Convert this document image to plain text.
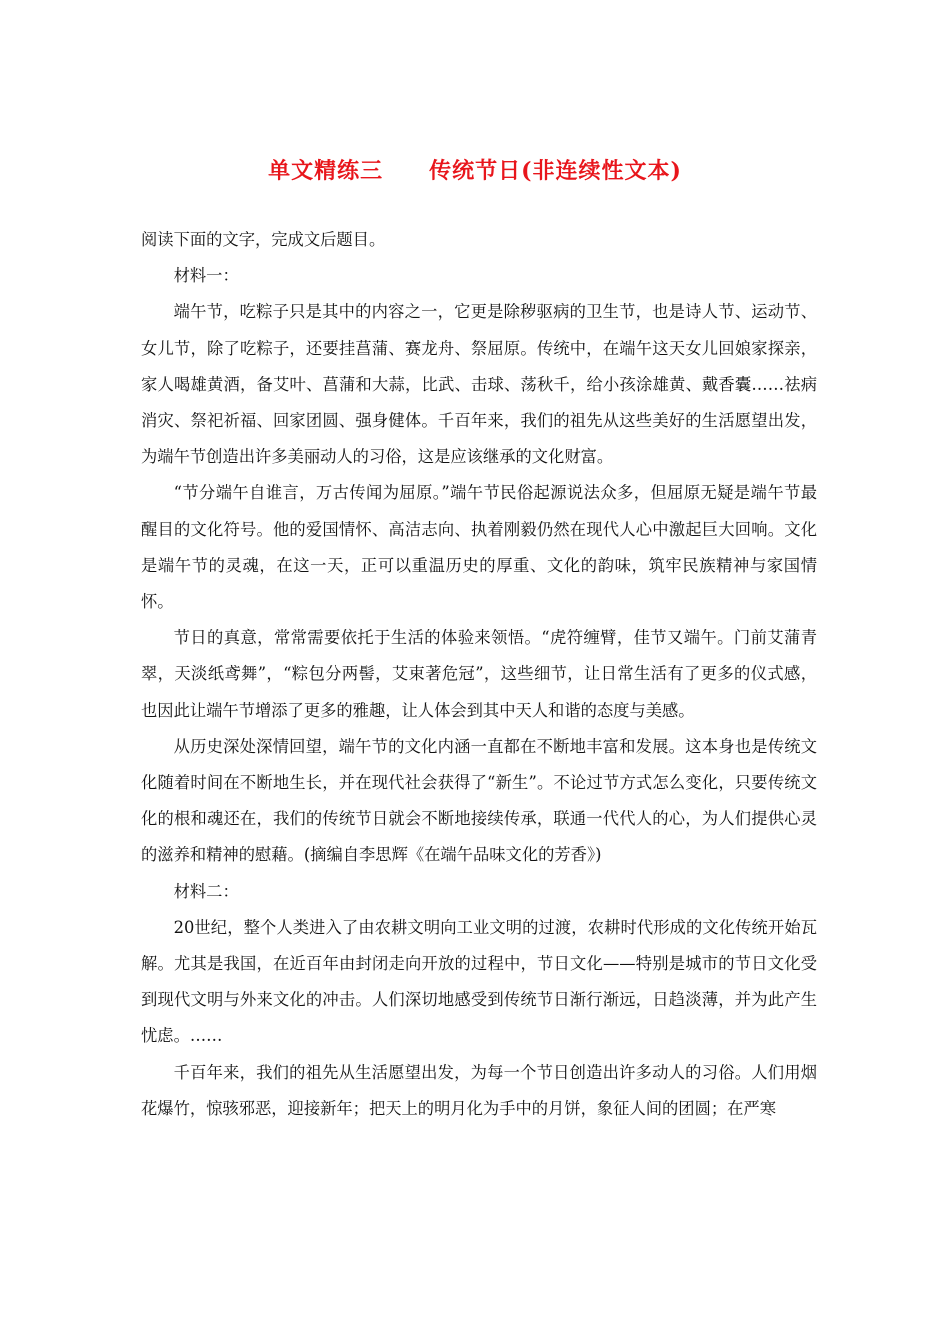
单文精练三　　传统节日(非连续性文本)

阅读下面的文字，完成文后题目。

材料一：

端午节，吃粽子只是其中的内容之一，它更是除秽驱病的卫生节，也是诗人节、运动节、女儿节，除了吃粽子，还要挂菖蒲、赛龙舟、祭屈原。传统中，在端午这天女儿回娘家探亲，家人喝雄黄酒，备艾叶、菖蒲和大蒜，比武、击球、荡秋千，给小孩涂雄黄、戴香囊……祛病消灾、祭祀祈福、回家团圆、强身健体。千百年来，我们的祖先从这些美好的生活愿望出发，为端午节创造出许多美丽动人的习俗，这是应该继承的文化财富。

“节分端午自谁言，万古传闻为屈原。”端午节民俗起源说法众多，但屈原无疑是端午节最醒目的文化符号。他的爱国情怀、高洁志向、执着刚毅仍然在现代人心中激起巨大回响。文化是端午节的灵魂，在这一天，正可以重温历史的厚重、文化的韵味，筑牢民族精神与家国情怀。

节日的真意，常常需要依托于生活的体验来领悟。“虎符缠臂，佳节又端午。门前艾蒲青翠，天淡纸鸢舞”，“粽包分两髻，艾束著危冠”，这些细节，让日常生活有了更多的仪式感，也因此让端午节增添了更多的雅趣，让人体会到其中天人和谐的态度与美感。

从历史深处深情回望，端午节的文化内涵一直都在不断地丰富和发展。这本身也是传统文化随着时间在不断地生长，并在现代社会获得了“新生”。不论过节方式怎么变化，只要传统文化的根和魂还在，我们的传统节日就会不断地接续传承，联通一代代人的心，为人们提供心灵的滋养和精神的慰藉。(摘编自李思辉《在端午品味文化的芳香》)

材料二：

20世纪，整个人类进入了由农耕文明向工业文明的过渡，农耕时代形成的文化传统开始瓦解。尤其是我国，在近百年由封闭走向开放的过程中，节日文化——特别是城市的节日文化受到现代文明与外来文化的冲击。人们深切地感受到传统节日渐行渐远，日趋淡薄，并为此产生忧虑。……

千百年来，我们的祖先从生活愿望出发，为每一个节日创造出许多动人的习俗。人们用烟花爆竹，惊骇邪恶，迎接新年；把天上的明月化为手中的月饼，象征人间的团圆；在严寒
